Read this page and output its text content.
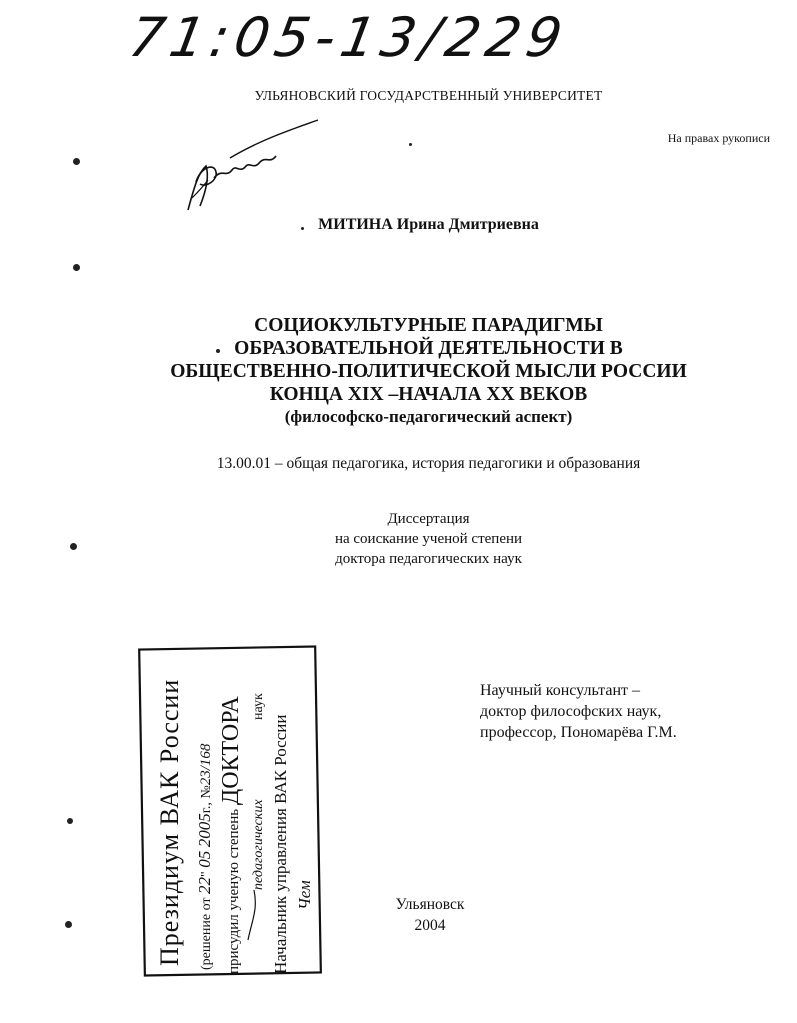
71:05-13/229
УЛЬЯНОВСКИЙ ГОСУДАРСТВЕННЫЙ УНИВЕРСИТЕТ
На правах рукописи
МИТИНА Ирина Дмитриевна
СОЦИОКУЛЬТУРНЫЕ ПАРАДИГМЫ
ОБРАЗОВАТЕЛЬНОЙ ДЕЯТЕЛЬНОСТИ В
ОБЩЕСТВЕННО-ПОЛИТИЧЕСКОЙ МЫСЛИ РОССИИ
КОНЦА XIX –НАЧАЛА XX ВЕКОВ
(философско-педагогический аспект)
13.00.01 – общая педагогика, история педагогики и образования
Диссертация
на соискание ученой степени
доктора педагогических наук
Научный консультант –
доктор философских наук,
профессор, Пономарёва Г.М.
Ульяновск
2004
Президиум ВАК России (решение от 22" 05 2005г., №23/168
присудил ученую степень ДОКТОРА
педагогических
наук
Начальник управления ВАК России Чем
